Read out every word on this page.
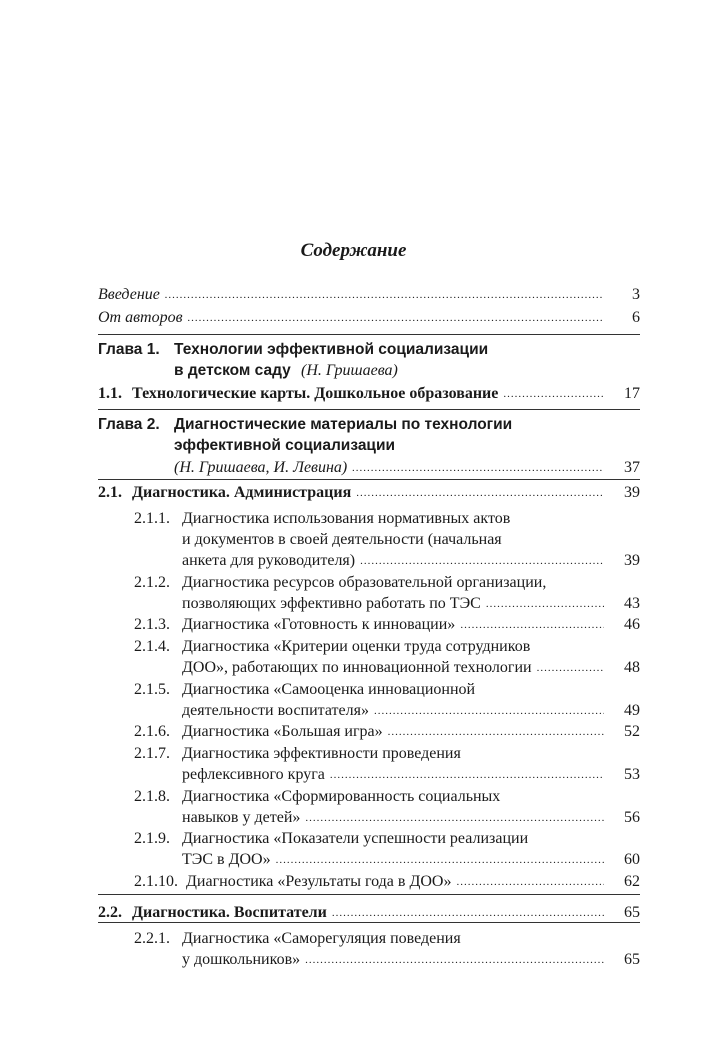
Содержание
Введение .....	3
От авторов .....	6
Глава 1. Технологии эффективной социализации
в детском саду (Н. Гришаева)
1.1. Технологические карты. Дошкольное образование .....	17
Глава 2. Диагностические материалы по технологии
эффективной социализации
(Н. Гришаева, И. Левина) .....	37
2.1. Диагностика. Администрация .....	39
2.1.1. Диагностика использования нормативных актов
и документов в своей деятельности (начальная
анкета для руководителя) .....	39
2.1.2. Диагностика ресурсов образовательной организации,
позволяющих эффективно работать по ТЭС .....	43
2.1.3. Диагностика «Готовность к инновации» .....	46
2.1.4. Диагностика «Критерии оценки труда сотрудников
ДОО», работающих по инновационной технологии .....	48
2.1.5. Диагностика «Самооценка инновационной
деятельности воспитателя» .....	49
2.1.6. Диагностика «Большая игра» .....	52
2.1.7. Диагностика эффективности проведения
рефлексивного круга .....	53
2.1.8. Диагностика «Сформированность социальных
навыков у детей» .....	56
2.1.9. Диагностика «Показатели успешности реализации
ТЭС в ДОО» .....	60
2.1.10. Диагностика «Результаты года в ДОО» .....	62
2.2. Диагностика. Воспитатели .....	65
2.2.1. Диагностика «Саморегуляция поведения
у дошкольников» .....	65
